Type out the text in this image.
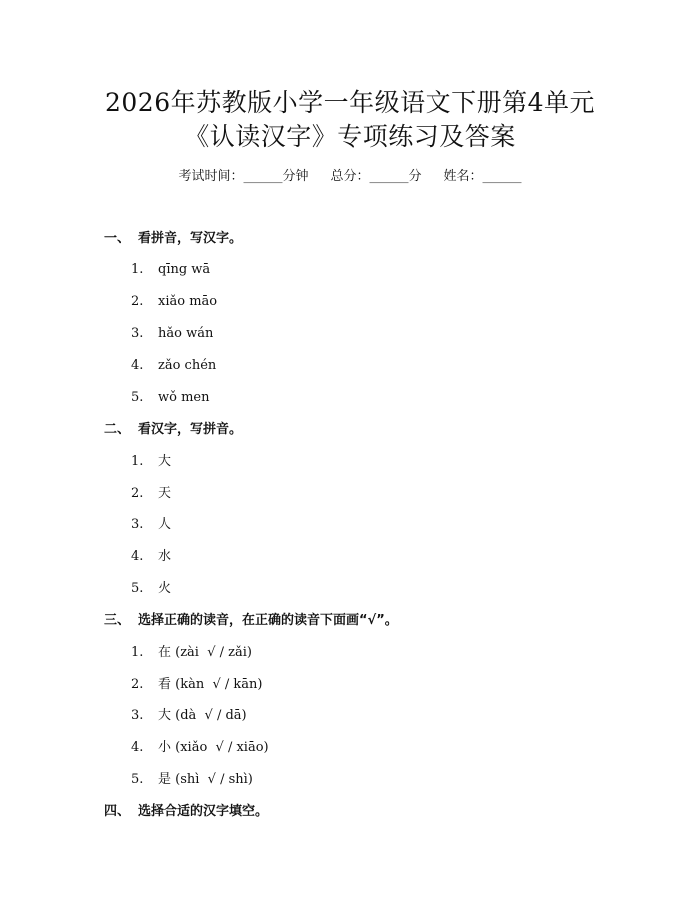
2026年苏教版小学一年级语文下册第4单元
《认读汉字》专项练习及答案
考试时间：______分钟 总分：______分 姓名：______
一、 看拼音，写汉字。
1. qīng wā
2. xiǎo māo
3. hǎo wán
4. zǎo chén
5. wǒ men
二、 看汉字，写拼音。
1. 大
2. 天
3. 人
4. 水
5. 火
三、 选择正确的读音，在正确的读音下面画“√”。
1. 在 (zài  √ / zǎi)
2. 看 (kàn  √ / kān)
3. 大 (dà  √ / dā)
4. 小 (xiǎo  √ / xiāo)
5. 是 (shì  √ / shì)
四、 选择合适的汉字填空。
